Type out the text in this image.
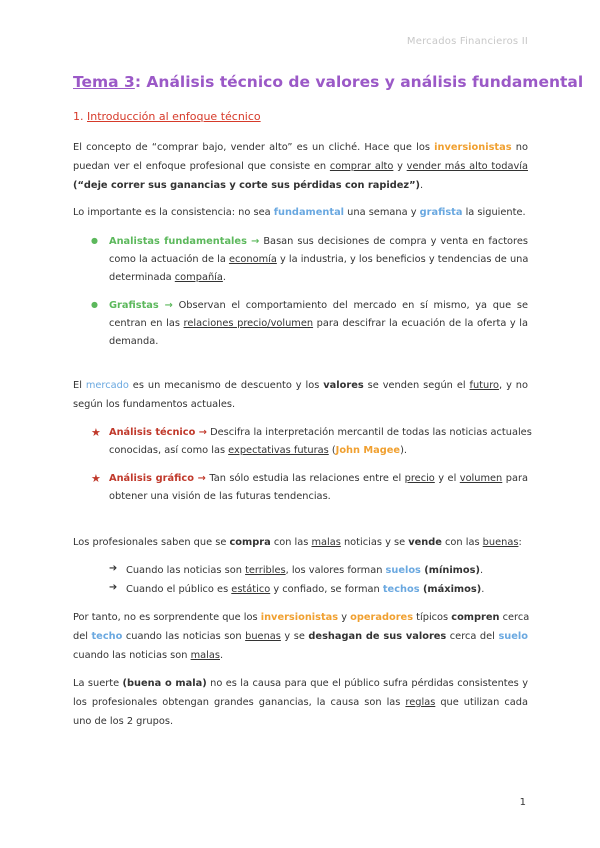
Mercados Financieros II
Tema 3: Análisis técnico de valores y análisis fundamental
1. Introducción al enfoque técnico
El concepto de “comprar bajo, vender alto” es un cliché. Hace que los inversionistas no
puedan ver el enfoque profesional que consiste en comprar alto y vender más alto todavía
(“deje correr sus ganancias y corte sus pérdidas con rapidez”).
Lo importante es la consistencia: no sea fundamental una semana y grafista la siguiente.
● Analistas fundamentales → Basan sus decisiones de compra y venta en factores
como la actuación de la economía y la industria, y los beneficios y tendencias de una
determinada compañía.
● Grafistas → Observan el comportamiento del mercado en sí mismo, ya que se
centran en las relaciones precio/volumen para descifrar la ecuación de la oferta y la
demanda.
El mercado es un mecanismo de descuento y los valores se venden según el futuro, y no
según los fundamentos actuales.
★ Análisis técnico → Descifra la interpretación mercantil de todas las noticias actuales
conocidas, así como las expectativas futuras (John Magee).
★ Análisis gráfico → Tan sólo estudia las relaciones entre el precio y el volumen para
obtener una visión de las futuras tendencias.
Los profesionales saben que se compra con las malas noticias y se vende con las buenas:
➔ Cuando las noticias son terribles, los valores forman suelos (mínimos).
➔ Cuando el público es estático y confiado, se forman techos (máximos).
Por tanto, no es sorprendente que los inversionistas y operadores típicos compren cerca
del techo cuando las noticias son buenas y se deshagan de sus valores cerca del suelo
cuando las noticias son malas.
La suerte (buena o mala) no es la causa para que el público sufra pérdidas consistentes y
los profesionales obtengan grandes ganancias, la causa son las reglas que utilizan cada
uno de los 2 grupos.
1
